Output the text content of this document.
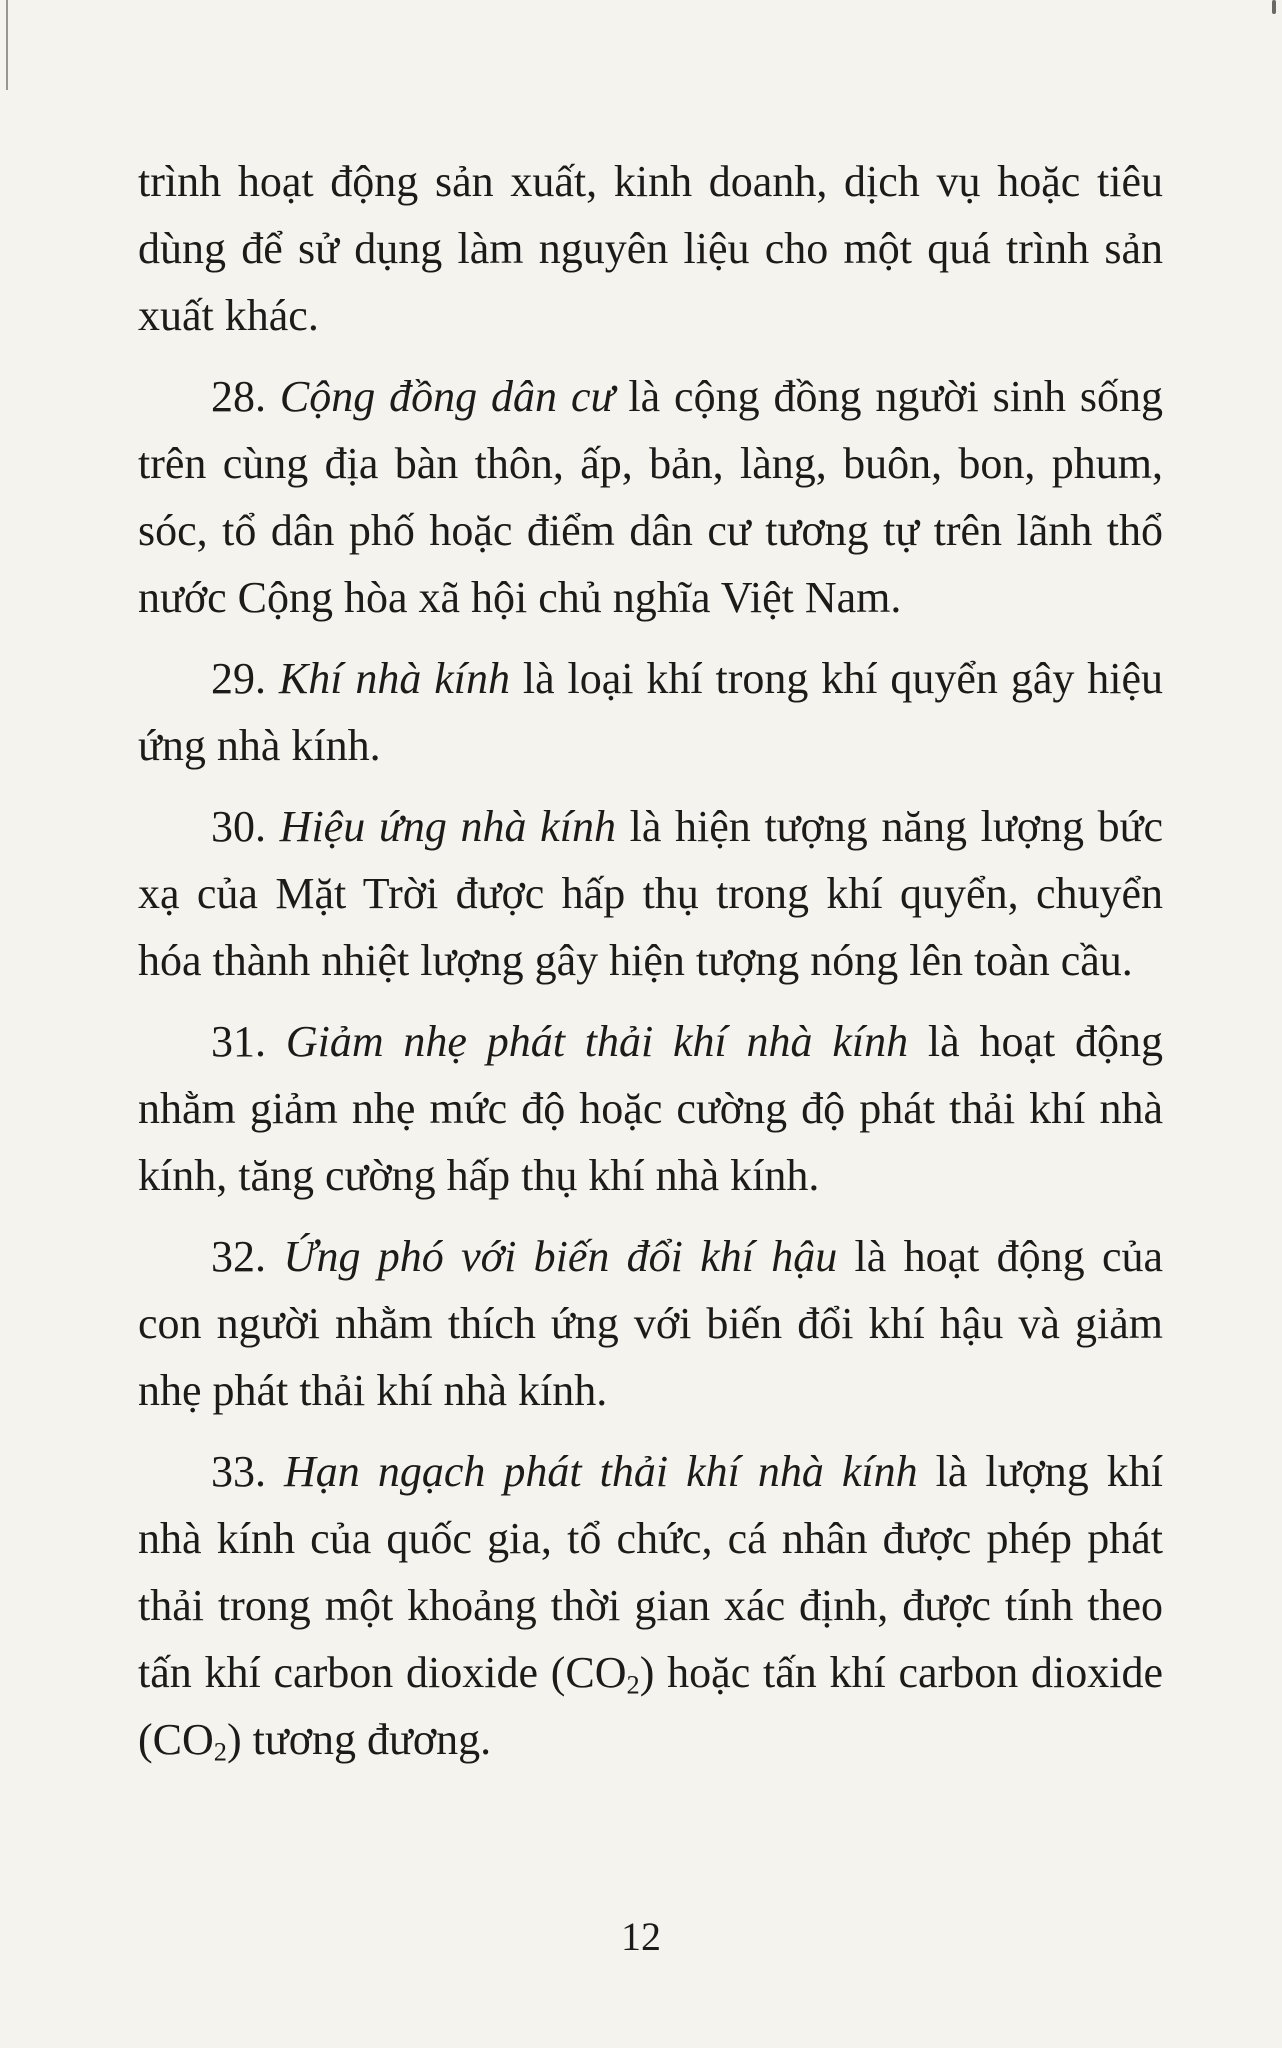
trình hoạt động sản xuất, kinh doanh, dịch vụ hoặc tiêu dùng để sử dụng làm nguyên liệu cho một quá trình sản xuất khác.

28. Cộng đồng dân cư là cộng đồng người sinh sống trên cùng địa bàn thôn, ấp, bản, làng, buôn, bon, phum, sóc, tổ dân phố hoặc điểm dân cư tương tự trên lãnh thổ nước Cộng hòa xã hội chủ nghĩa Việt Nam.

29. Khí nhà kính là loại khí trong khí quyển gây hiệu ứng nhà kính.

30. Hiệu ứng nhà kính là hiện tượng năng lượng bức xạ của Mặt Trời được hấp thụ trong khí quyển, chuyển hóa thành nhiệt lượng gây hiện tượng nóng lên toàn cầu.

31. Giảm nhẹ phát thải khí nhà kính là hoạt động nhằm giảm nhẹ mức độ hoặc cường độ phát thải khí nhà kính, tăng cường hấp thụ khí nhà kính.

32. Ứng phó với biến đổi khí hậu là hoạt động của con người nhằm thích ứng với biến đổi khí hậu và giảm nhẹ phát thải khí nhà kính.

33. Hạn ngạch phát thải khí nhà kính là lượng khí nhà kính của quốc gia, tổ chức, cá nhân được phép phát thải trong một khoảng thời gian xác định, được tính theo tấn khí carbon dioxide $(CO_2)$ hoặc tấn khí carbon dioxide $(CO_2)$ tương đương.

12
